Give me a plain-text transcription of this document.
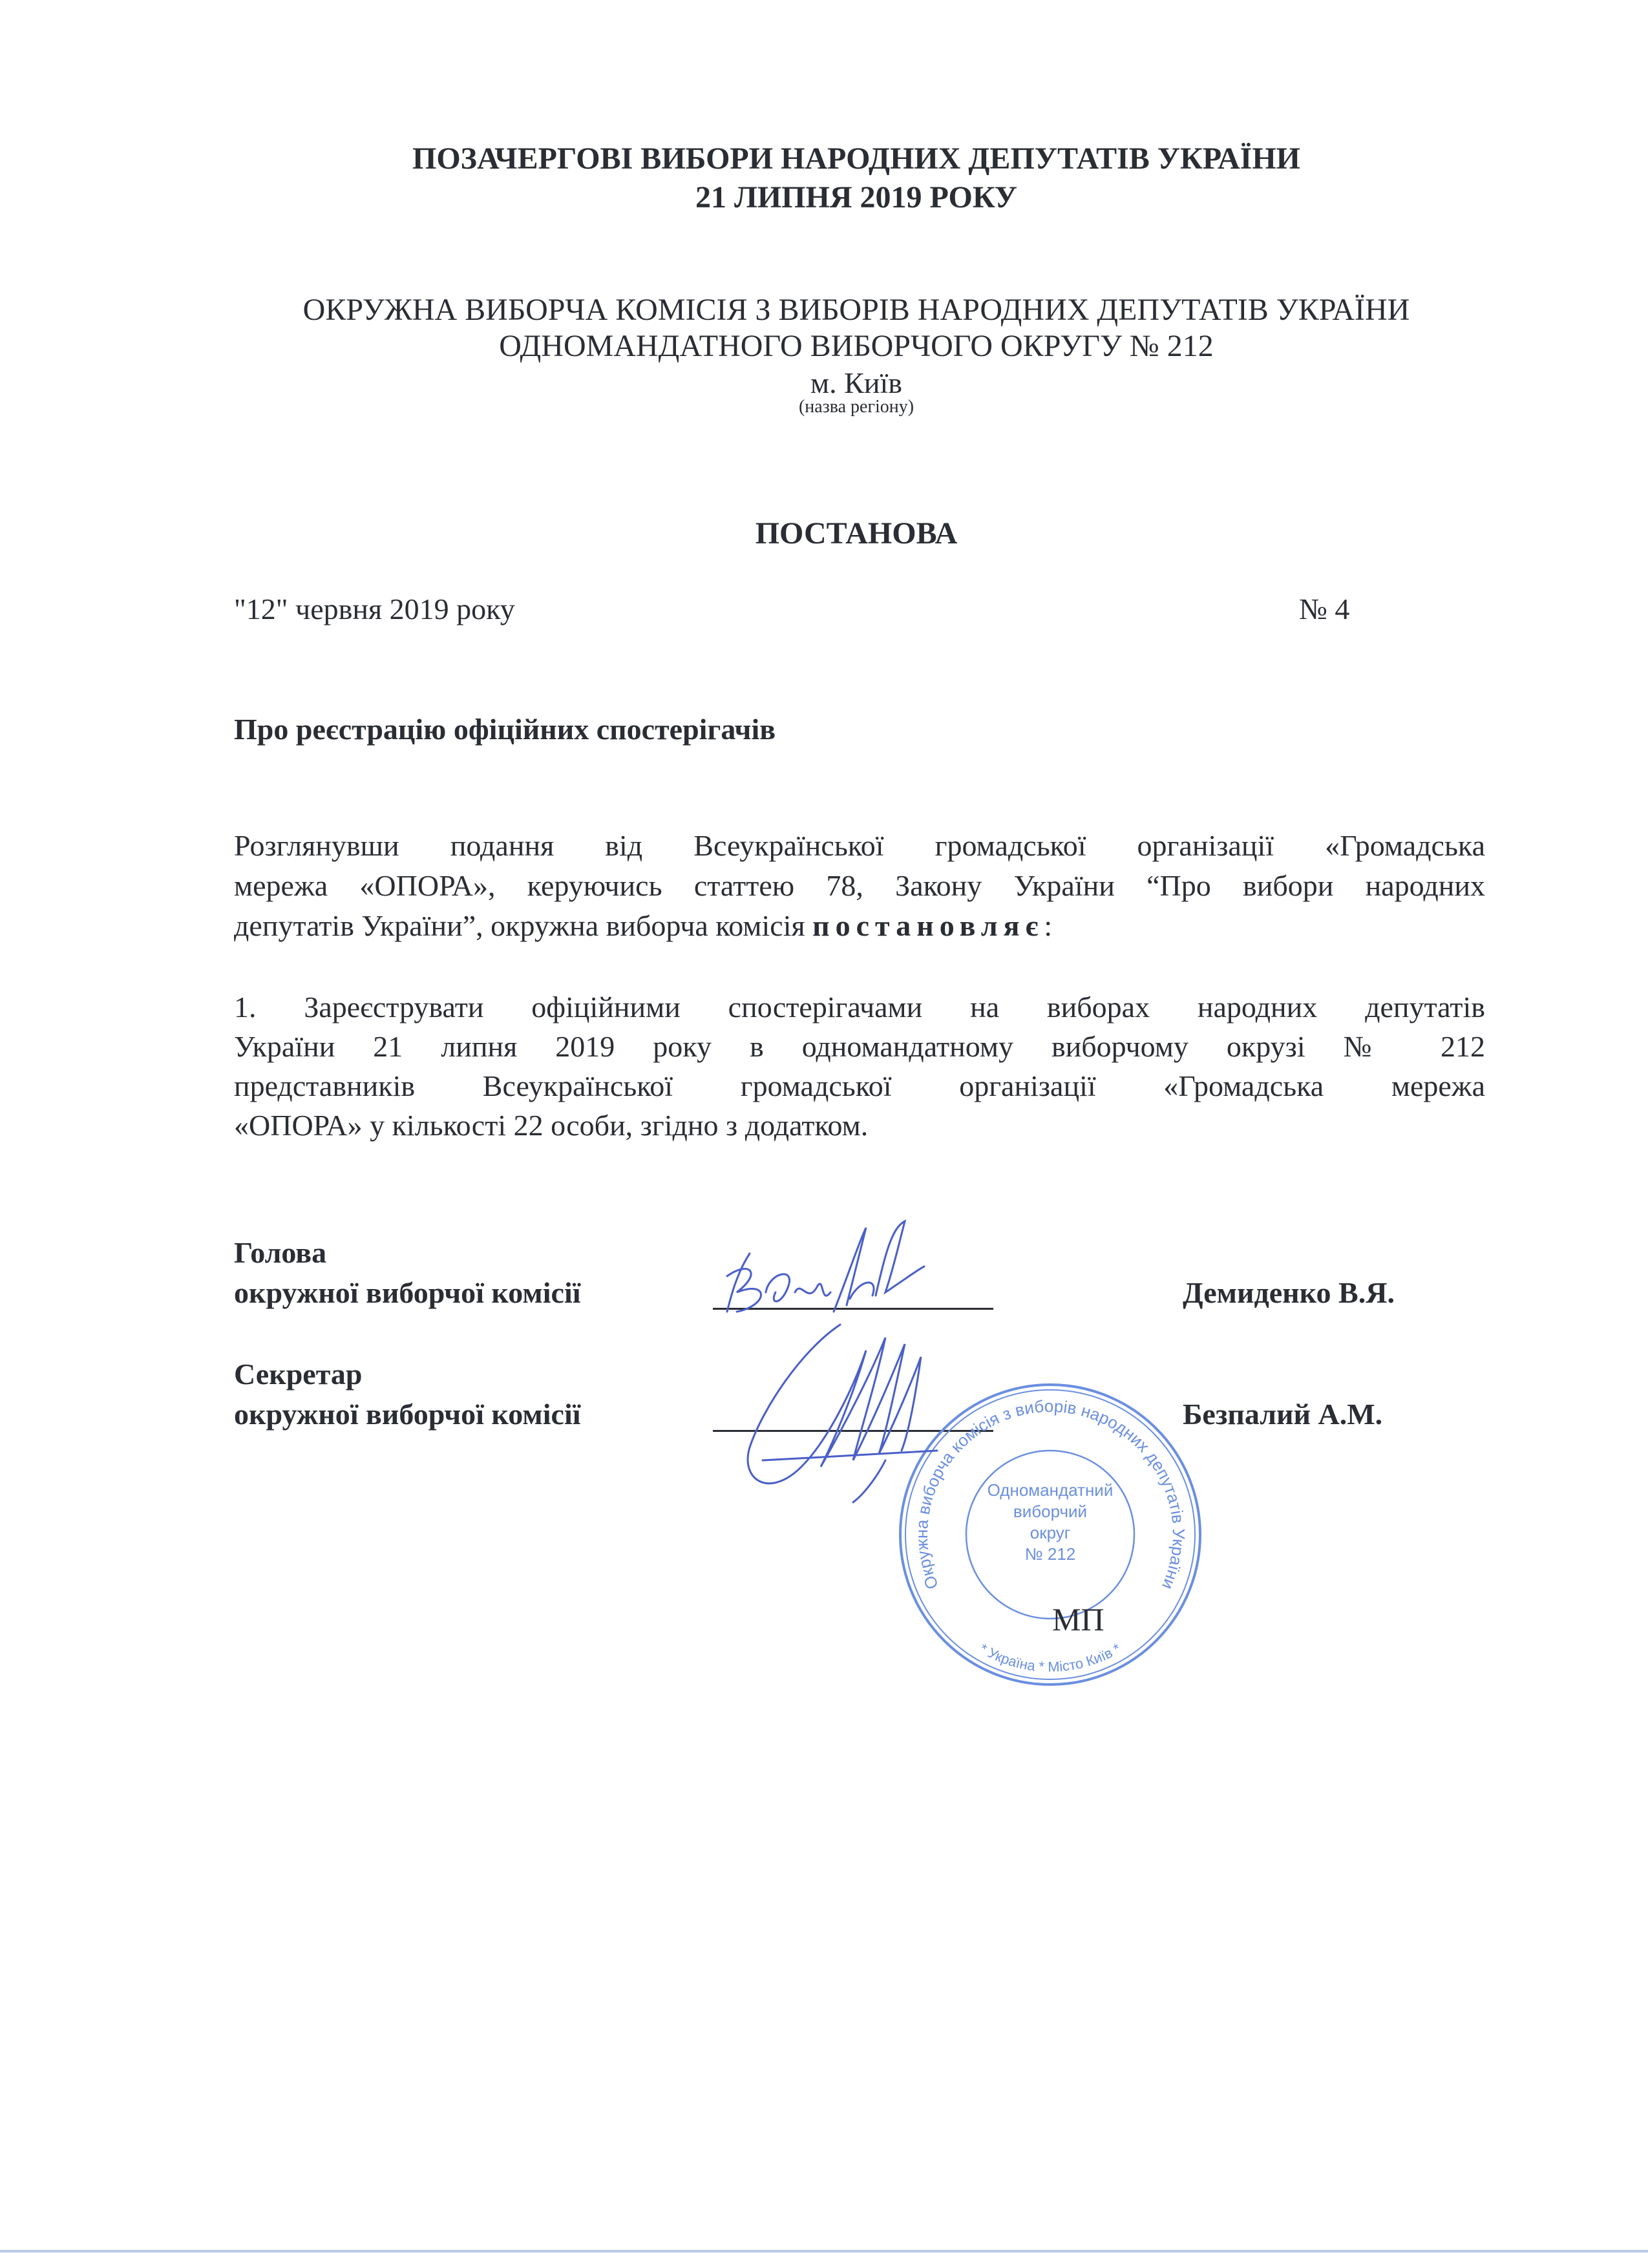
ПОЗАЧЕРГОВІ ВИБОРИ НАРОДНИХ ДЕПУТАТІВ УКРАЇНИ
21 ЛИПНЯ 2019 РОКУ
ОКРУЖНА ВИБОРЧА КОМІСІЯ З ВИБОРІВ НАРОДНИХ ДЕПУТАТІВ УКРАЇНИ
ОДНОМАНДАТНОГО ВИБОРЧОГО ОКРУГУ № 212
м. Київ
(назва регіону)
ПОСТАНОВА
"12" червня 2019 року	№ 4
Про реєстрацію офіційних спостерігачів
Розглянувши подання від Всеукраїнської громадської організації «Громадська
мережа «ОПОРА», керуючись статтею 78, Закону України “Про вибори народних
депутатів України”, окружна виборча комісія постановляє:
1. Зареєструвати офіційними спостерігачами на виборах народних депутатів
України 21 липня 2019 року в одномандатному виборчому окрузі № 212
представників Всеукраїнської громадської організації «Громадська мережа
«ОПОРА» у кількості 22 особи, згідно з додатком.
Голова
окружної виборчої комісії	Демиденко В.Я.
Секретар
окружної виборчої комісії	Безпалий А.М.
Окружна виборча комісія з виборів народних депутатів України
* Україна * Місто Київ *
Одномандатний
виборчий
округ
№ 212
МП
